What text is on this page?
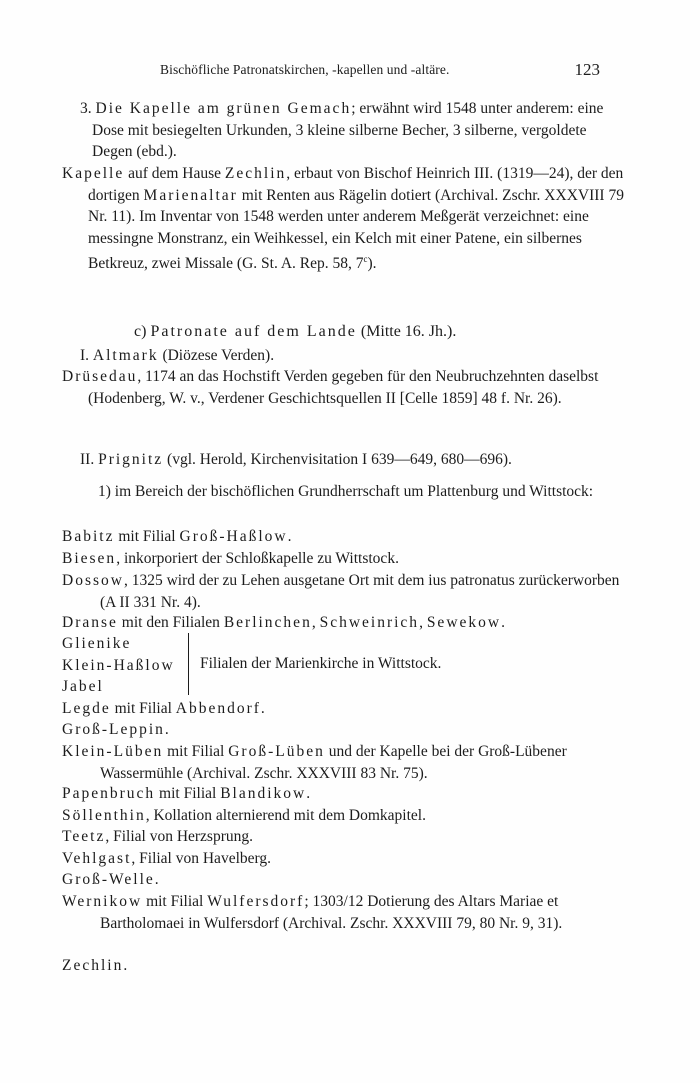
Bischöfliche Patronatskirchen, -kapellen und -altäre.	123
3. Die Kapelle am grünen Gemach; erwähnt wird 1548 unter anderem: eine Dose mit besiegelten Urkunden, 3 kleine silberne Becher, 3 silberne, vergoldete Degen (ebd.).
Kapelle auf dem Hause Zechlin, erbaut von Bischof Heinrich III. (1319—24), der den dortigen Marienaltar mit Renten aus Rägelin dotiert (Archival. Zschr. XXXVIII 79 Nr. 11). Im Inventar von 1548 werden unter anderem Meßgerät verzeichnet: eine messingne Monstranz, ein Weihkessel, ein Kelch mit einer Patene, ein silbernes Betkreuz, zwei Missale (G. St. A. Rep. 58, 7$^c$).
c) Patronate auf dem Lande (Mitte 16. Jh.).
I. Altmark (Diözese Verden).
Drüsedau, 1174 an das Hochstift Verden gegeben für den Neubruchzehnten daselbst (Hodenberg, W. v., Verdener Geschichtsquellen II [Celle 1859] 48 f. Nr. 26).
II. Prignitz (vgl. Herold, Kirchenvisitation I 639—649, 680—696).
1) im Bereich der bischöflichen Grundherrschaft um Plattenburg und Wittstock:
Babitz mit Filial Groß-Haßlow.
Biesen, inkorporiert der Schloßkapelle zu Wittstock.
Dossow, 1325 wird der zu Lehen ausgetane Ort mit dem ius patronatus zurückerworben (A II 331 Nr. 4).
Dranse mit den Filialen Berlinchen, Schweinrich, Sewekow.
Glienike
Klein-Haßlow
Jabel
Filialen der Marienkirche in Wittstock.
Legde mit Filial Abbendorf.
Groß-Leppin.
Klein-Lüben mit Filial Groß-Lüben und der Kapelle bei der Groß-Lübener Wassermühle (Archival. Zschr. XXXVIII 83 Nr. 75).
Papenbruch mit Filial Blandikow.
Söllenthin, Kollation alternierend mit dem Domkapitel.
Teetz, Filial von Herzsprung.
Vehlgast, Filial von Havelberg.
Groß-Welle.
Wernikow mit Filial Wulfersdorf; 1303/12 Dotierung des Altars Mariae et Bartholomaei in Wulfersdorf (Archival. Zschr. XXXVIII 79, 80 Nr. 9, 31).
Zechlin.
